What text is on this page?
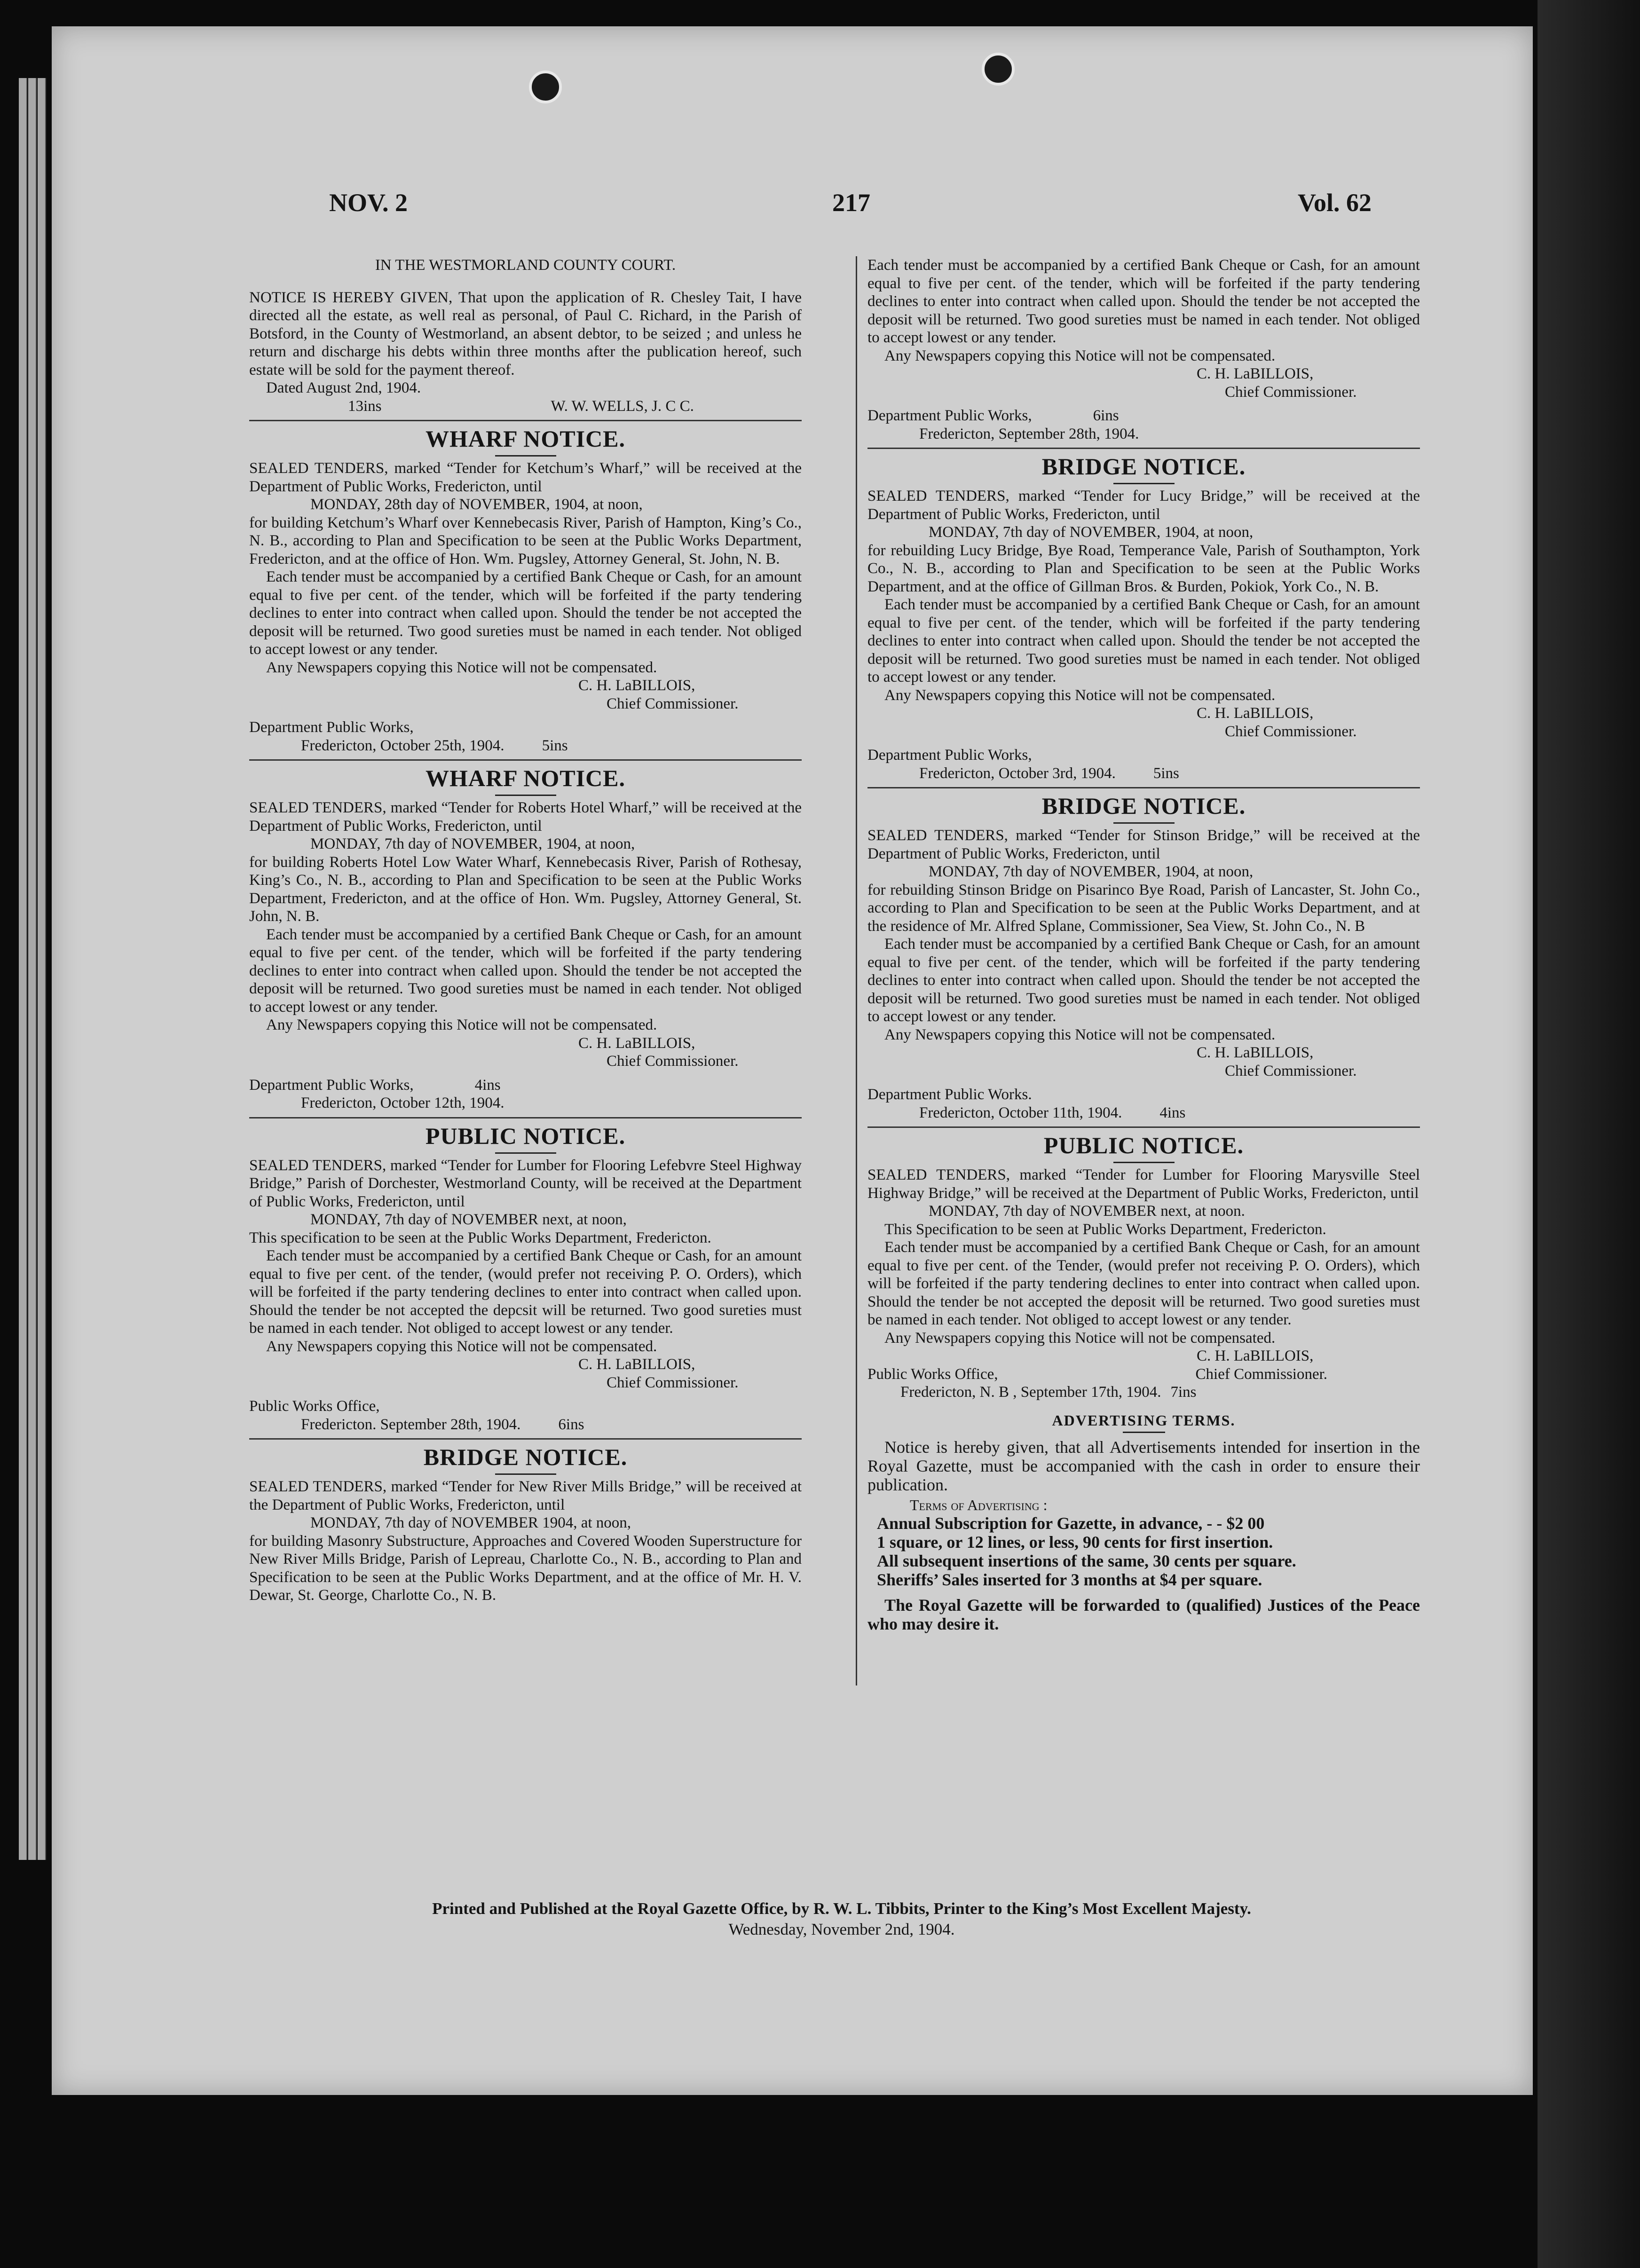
NOV. 2	217	Vol. 62

IN THE WESTMORLAND COUNTY COURT.

NOTICE IS HEREBY GIVEN, That upon the application of R. Chesley Tait, I have directed all the estate, as well real as personal, of Paul C. Richard, in the Parish of Botsford, in the County of Westmorland, an absent debtor, to be seized ; and unless he return and discharge his debts within three months after the publication hereof, such estate will be sold for the payment thereof.

Dated August 2nd, 1904.

13ins	W. W. WELLS, J. C C.

WHARF NOTICE.

SEALED TENDERS, marked “Tender for Ketchum’s Wharf,” will be received at the Department of Public Works, Fredericton, until

MONDAY, 28th day of NOVEMBER, 1904, at noon,

for building Ketchum’s Wharf over Kennebecasis River, Parish of Hampton, King’s Co., N. B., according to Plan and Specification to be seen at the Public Works Department, Fredericton, and at the office of Hon. Wm. Pugsley, Attorney General, St. John, N. B.

Each tender must be accompanied by a certified Bank Cheque or Cash, for an amount equal to five per cent. of the tender, which will be forfeited if the party tendering declines to enter into contract when called upon. Should the tender be not accepted the deposit will be returned. Two good sureties must be named in each tender. Not obliged to accept lowest or any tender.

Any Newspapers copying this Notice will not be compensated.

C. H. LaBILLOIS,

Chief Commissioner.

Department Public Works,

Fredericton, October 25th, 1904. 5ins

WHARF NOTICE.

SEALED TENDERS, marked “Tender for Roberts Hotel Wharf,” will be received at the Department of Public Works, Fredericton, until

MONDAY, 7th day of NOVEMBER, 1904, at noon,

for building Roberts Hotel Low Water Wharf, Kennebecasis River, Parish of Rothesay, King’s Co., N. B., according to Plan and Specification to be seen at the Public Works Department, Fredericton, and at the office of Hon. Wm. Pugsley, Attorney General, St. John, N. B.

Each tender must be accompanied by a certified Bank Cheque or Cash, for an amount equal to five per cent. of the tender, which will be forfeited if the party tendering declines to enter into contract when called upon. Should the tender be not accepted the deposit will be returned. Two good sureties must be named in each tender. Not obliged to accept lowest or any tender.

Any Newspapers copying this Notice will not be compensated.

C. H. LaBILLOIS,

Chief Commissioner.

Department Public Works,	4ins

Fredericton, October 12th, 1904.

PUBLIC NOTICE.

SEALED TENDERS, marked “Tender for Lumber for Flooring Lefebvre Steel Highway Bridge,” Parish of Dorchester, Westmorland County, will be received at the Department of Public Works, Fredericton, until

MONDAY, 7th day of NOVEMBER next, at noon,

This specification to be seen at the Public Works Department, Fredericton.

Each tender must be accompanied by a certified Bank Cheque or Cash, for an amount equal to five per cent. of the tender, (would prefer not receiving P. O. Orders), which will be forfeited if the party tendering declines to enter into contract when called upon. Should the tender be not accepted the depcsit will be returned. Two good sureties must be named in each tender. Not obliged to accept lowest or any tender.

Any Newspapers copying this Notice will not be compensated.

C. H. LaBILLOIS,

Chief Commissioner.

Public Works Office,

Fredericton. September 28th, 1904. 6ins

BRIDGE NOTICE.

SEALED TENDERS, marked “Tender for New River Mills Bridge,” will be received at the Department of Public Works, Fredericton, until

MONDAY, 7th day of NOVEMBER 1904, at noon,

for building Masonry Substructure, Approaches and Covered Wooden Superstructure for New River Mills Bridge, Parish of Lepreau, Charlotte Co., N. B., according to Plan and Specification to be seen at the Public Works Department, and at the office of Mr. H. V. Dewar, St. George, Charlotte Co., N. B.

Each tender must be accompanied by a certified Bank Cheque or Cash, for an amount equal to five per cent. of the tender, which will be forfeited if the party tendering declines to enter into contract when called upon. Should the tender be not accepted the deposit will be returned. Two good sureties must be named in each tender. Not obliged to accept lowest or any tender.

Any Newspapers copying this Notice will not be compensated.

C. H. LaBILLOIS,

Chief Commissioner.

Department Public Works,	6ins

Fredericton, September 28th, 1904.

BRIDGE NOTICE.

SEALED TENDERS, marked “Tender for Lucy Bridge,” will be received at the Department of Public Works, Fredericton, until

MONDAY, 7th day of NOVEMBER, 1904, at noon,

for rebuilding Lucy Bridge, Bye Road, Temperance Vale, Parish of Southampton, York Co., N. B., according to Plan and Specification to be seen at the Public Works Department, and at the office of Gillman Bros. & Burden, Pokiok, York Co., N. B.

Each tender must be accompanied by a certified Bank Cheque or Cash, for an amount equal to five per cent. of the tender, which will be forfeited if the party tendering declines to enter into contract when called upon. Should the tender be not accepted the deposit will be returned. Two good sureties must be named in each tender. Not obliged to accept lowest or any tender.

Any Newspapers copying this Notice will not be compensated.

C. H. LaBILLOIS,

Chief Commissioner.

Department Public Works,

Fredericton, October 3rd, 1904. 5ins

BRIDGE NOTICE.

SEALED TENDERS, marked “Tender for Stinson Bridge,” will be received at the Department of Public Works, Fredericton, until

MONDAY, 7th day of NOVEMBER, 1904, at noon,

for rebuilding Stinson Bridge on Pisarinco Bye Road, Parish of Lancaster, St. John Co., according to Plan and Specification to be seen at the Public Works Department, and at the residence of Mr. Alfred Splane, Commissioner, Sea View, St. John Co., N. B

Each tender must be accompanied by a certified Bank Cheque or Cash, for an amount equal to five per cent. of the tender, which will be forfeited if the party tendering declines to enter into contract when called upon. Should the tender be not accepted the deposit will be returned. Two good sureties must be named in each tender. Not obliged to accept lowest or any tender.

Any Newspapers copying this Notice will not be compensated.

C. H. LaBILLOIS,

Chief Commissioner.

Department Public Works.

Fredericton, October 11th, 1904. 4ins

PUBLIC NOTICE.

SEALED TENDERS, marked “Tender for Lumber for Flooring Marysville Steel Highway Bridge,” will be received at the Department of Public Works, Fredericton, until

MONDAY, 7th day of NOVEMBER next, at noon.

This Specification to be seen at Public Works Department, Fredericton.

Each tender must be accompanied by a certified Bank Cheque or Cash, for an amount equal to five per cent. of the Tender, (would prefer not receiving P. O. Orders), which will be forfeited if the party tendering declines to enter into contract when called upon. Should the tender be not accepted the deposit will be returned. Two good sureties must be named in each tender. Not obliged to accept lowest or any tender.

Any Newspapers copying this Notice will not be compensated.

C. H. LaBILLOIS,

Public Works Office,	Chief Commissioner.

Fredericton, N. B , September 17th, 1904. 7ins

ADVERTISING TERMS.

Notice is hereby given, that all Advertisements intended for insertion in the Royal Gazette, must be accompanied with the cash in order to ensure their publication.

Terms of Advertising :

Annual Subscription for Gazette, in advance, - - $2 00
1 square, or 12 lines, or less, 90 cents for first insertion.
All subsequent insertions of the same, 30 cents per square.
Sheriffs’ Sales inserted for 3 months at $4 per square.

The Royal Gazette will be forwarded to (qualified) Justices of the Peace who may desire it.

Printed and Published at the Royal Gazette Office, by R. W. L. Tibbits, Printer to the King’s Most Excellent Majesty.
Wednesday, November 2nd, 1904.
